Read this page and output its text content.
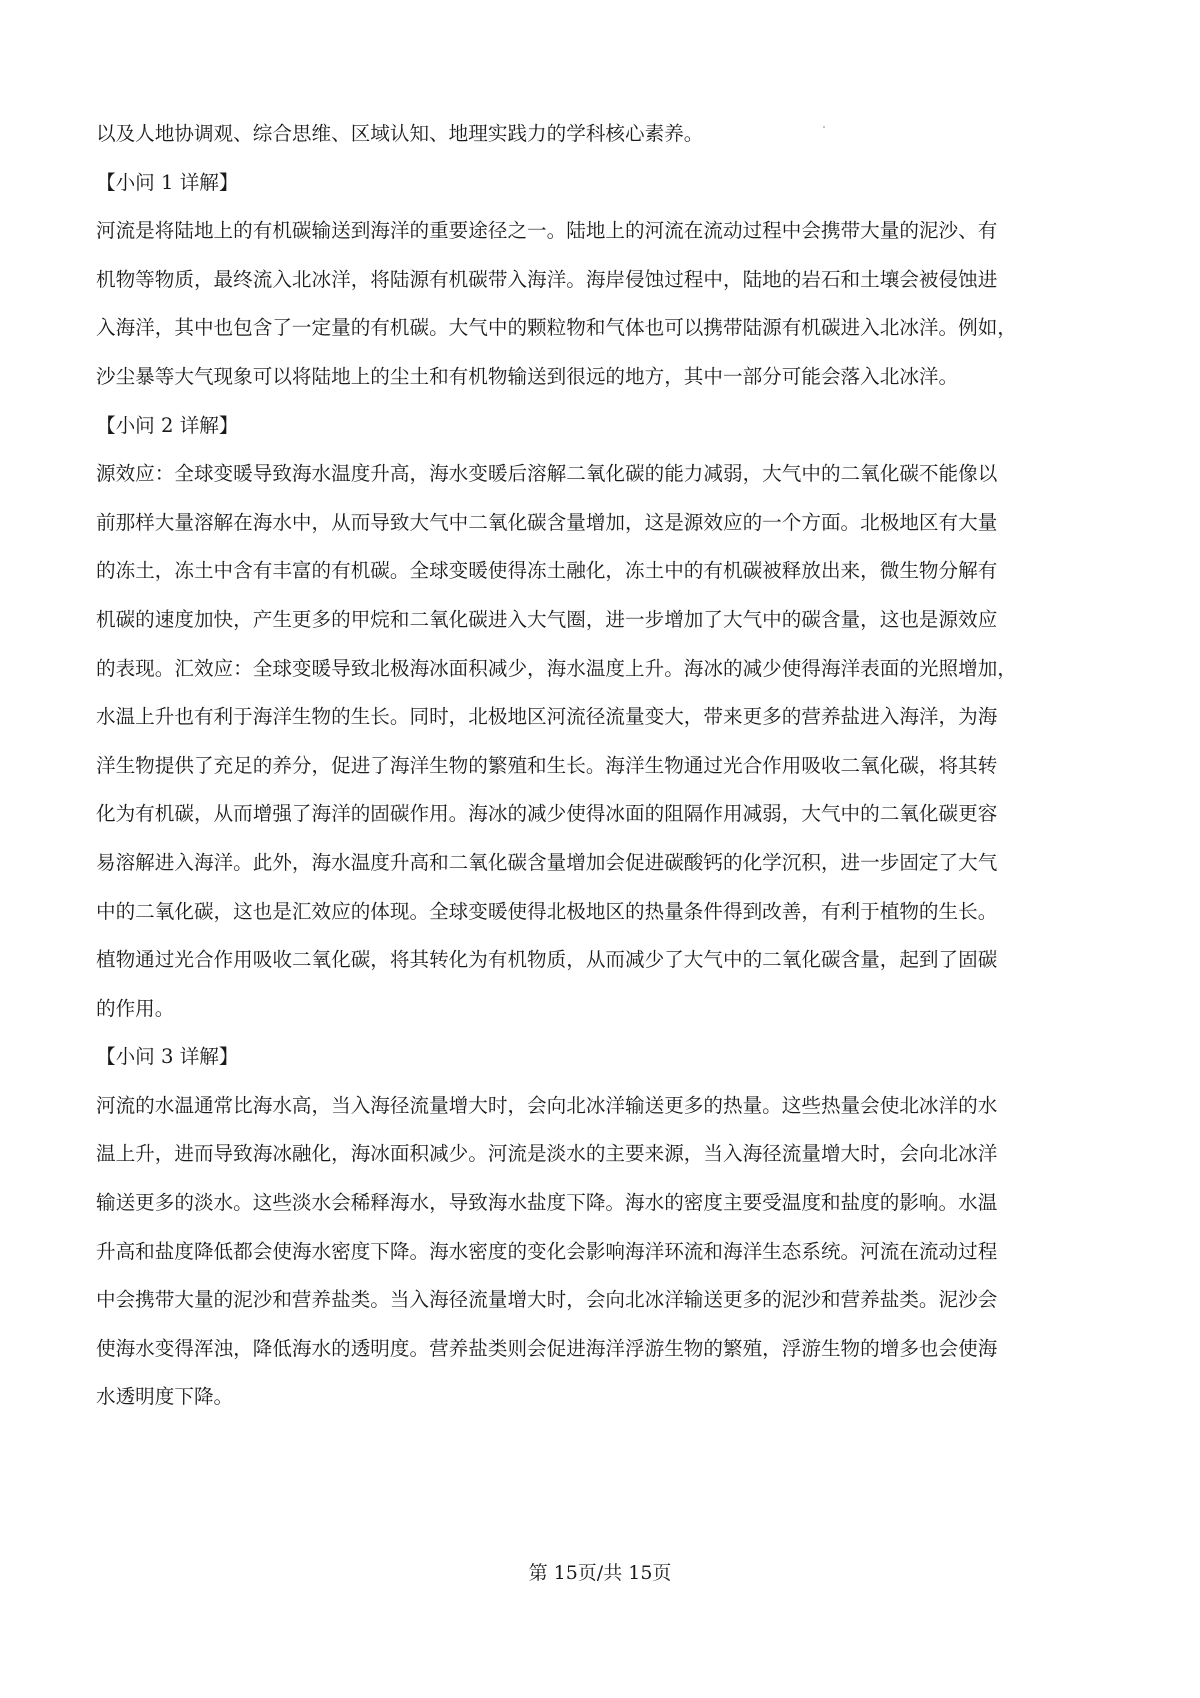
以及人地协调观、综合思维、区域认知、地理实践力的学科核心素养。
【小问 1 详解】
河流是将陆地上的有机碳输送到海洋的重要途径之一。陆地上的河流在流动过程中会携带大量的泥沙、有
机物等物质，最终流入北冰洋，将陆源有机碳带入海洋。海岸侵蚀过程中，陆地的岩石和土壤会被侵蚀进
入海洋，其中也包含了一定量的有机碳。大气中的颗粒物和气体也可以携带陆源有机碳进入北冰洋。例如，
沙尘暴等大气现象可以将陆地上的尘土和有机物输送到很远的地方，其中一部分可能会落入北冰洋。
【小问 2 详解】
源效应：全球变暖导致海水温度升高，海水变暖后溶解二氧化碳的能力减弱，大气中的二氧化碳不能像以
前那样大量溶解在海水中，从而导致大气中二氧化碳含量增加，这是源效应的一个方面。北极地区有大量
的冻土，冻土中含有丰富的有机碳。全球变暖使得冻土融化，冻土中的有机碳被释放出来，微生物分解有
机碳的速度加快，产生更多的甲烷和二氧化碳进入大气圈，进一步增加了大气中的碳含量，这也是源效应
的表现。汇效应：全球变暖导致北极海冰面积减少，海水温度上升。海冰的减少使得海洋表面的光照增加，
水温上升也有利于海洋生物的生长。同时，北极地区河流径流量变大，带来更多的营养盐进入海洋，为海
洋生物提供了充足的养分，促进了海洋生物的繁殖和生长。海洋生物通过光合作用吸收二氧化碳，将其转
化为有机碳，从而增强了海洋的固碳作用。海冰的减少使得冰面的阻隔作用减弱，大气中的二氧化碳更容
易溶解进入海洋。此外，海水温度升高和二氧化碳含量增加会促进碳酸钙的化学沉积，进一步固定了大气
中的二氧化碳，这也是汇效应的体现。全球变暖使得北极地区的热量条件得到改善，有利于植物的生长。
植物通过光合作用吸收二氧化碳，将其转化为有机物质，从而减少了大气中的二氧化碳含量，起到了固碳
的作用。
【小问 3 详解】
河流的水温通常比海水高，当入海径流量增大时，会向北冰洋输送更多的热量。这些热量会使北冰洋的水
温上升，进而导致海冰融化，海冰面积减少。河流是淡水的主要来源，当入海径流量增大时，会向北冰洋
输送更多的淡水。这些淡水会稀释海水，导致海水盐度下降。海水的密度主要受温度和盐度的影响。水温
升高和盐度降低都会使海水密度下降。海水密度的变化会影响海洋环流和海洋生态系统。河流在流动过程
中会携带大量的泥沙和营养盐类。当入海径流量增大时，会向北冰洋输送更多的泥沙和营养盐类。泥沙会
使海水变得浑浊，降低海水的透明度。营养盐类则会促进海洋浮游生物的繁殖，浮游生物的增多也会使海
水透明度下降。
第 15页/共 15页
